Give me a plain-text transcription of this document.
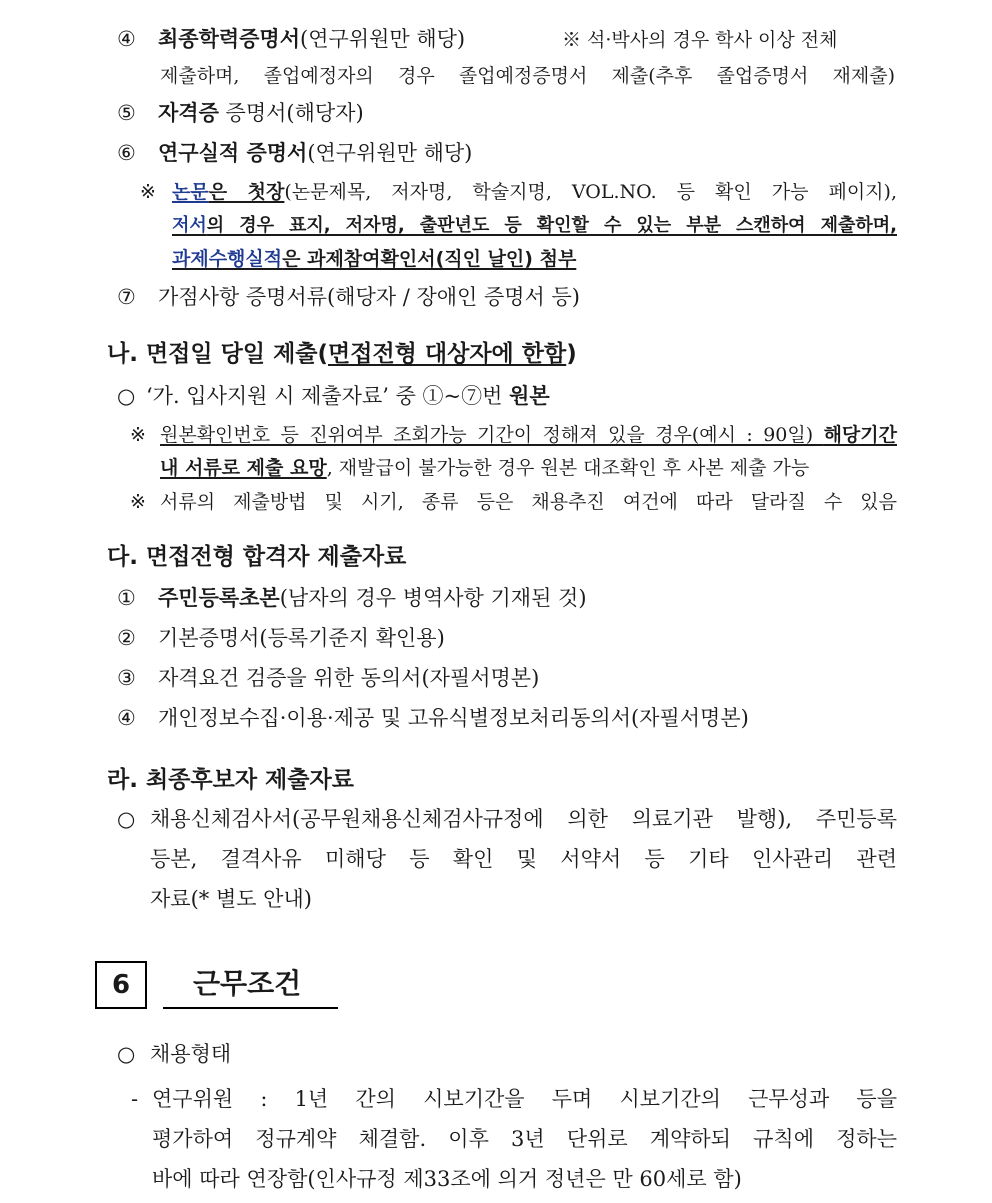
④ 최종학력증명서(연구위원만 해당)	※ 석·박사의 경우 학사 이상 전체
제출하며, 졸업예정자의 경우 졸업예정증명서 제출(추후 졸업증명서 재제출)
⑤ 자격증 증명서(해당자)
⑥ 연구실적 증명서(연구위원만 해당)
※ 논문은 첫장(논문제목, 저자명, 학술지명, VOL.NO. 등 확인 가능 페이지),
저서의 경우 표지, 저자명, 출판년도 등 확인할 수 있는 부분 스캔하여 제출하며,
과제수행실적은 과제참여확인서(직인 날인) 첨부
⑦ 가점사항 증명서류(해당자 / 장애인 증명서 등)
나. 면접일 당일 제출(면접전형 대상자에 한함)
○ ‘가. 입사지원 시 제출자료’ 중 ①~⑦번 원본
※ 원본확인번호 등 진위여부 조회가능 기간이 정해져 있을 경우(예시 : 90일) 해당기간
내 서류로 제출 요망, 재발급이 불가능한 경우 원본 대조확인 후 사본 제출 가능
※ 서류의 제출방법 및 시기, 종류 등은 채용추진 여건에 따라 달라질 수 있음
다. 면접전형 합격자 제출자료
① 주민등록초본(남자의 경우 병역사항 기재된 것)
② 기본증명서(등록기준지 확인용)
③ 자격요건 검증을 위한 동의서(자필서명본)
④ 개인정보수집·이용·제공 및 고유식별정보처리동의서(자필서명본)
라. 최종후보자 제출자료
○ 채용신체검사서(공무원채용신체검사규정에 의한 의료기관 발행), 주민등록
등본, 결격사유 미해당 등 확인 및 서약서 등 기타 인사관리 관련
자료(* 별도 안내)
6	근무조건
○ 채용형태
- 연구위원 : 1년 간의 시보기간을 두며 시보기간의 근무성과 등을
평가하여 정규계약 체결함. 이후 3년 단위로 계약하되 규칙에 정하는
바에 따라 연장함(인사규정 제33조에 의거 정년은 만 60세로 함)
